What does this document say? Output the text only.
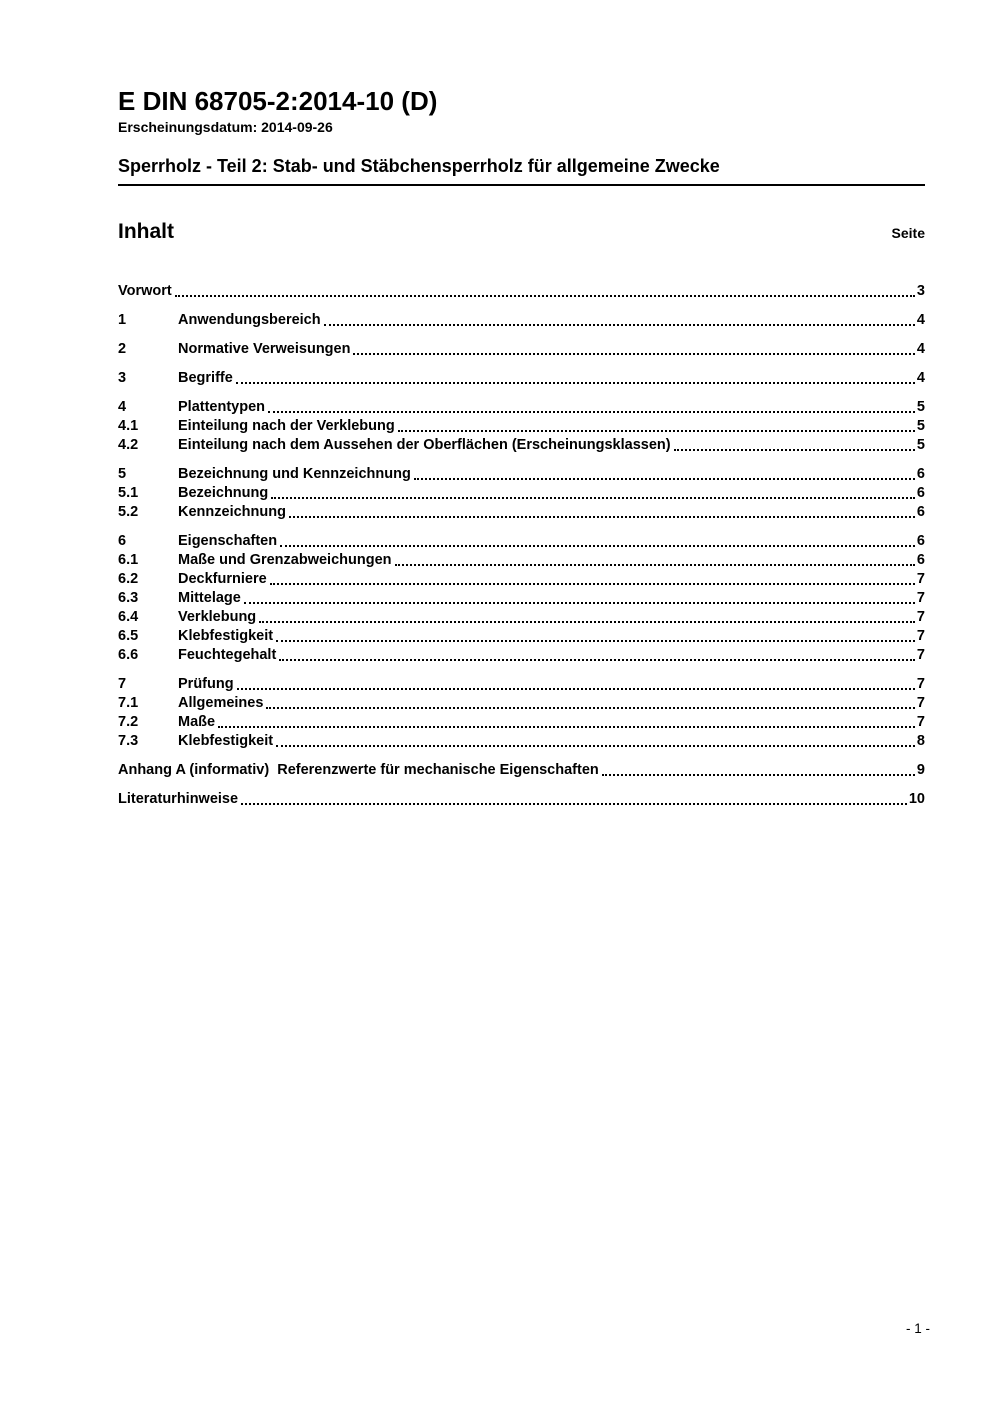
E DIN 68705-2:2014-10 (D)
Erscheinungsdatum: 2014-09-26
Sperrholz - Teil 2: Stab- und Stäbchensperrholz für allgemeine Zwecke
Inhalt	Seite
Vorwort	3
1	Anwendungsbereich	4
2	Normative Verweisungen	4
3	Begriffe	4
4	Plattentypen	5
4.1	Einteilung nach der Verklebung	5
4.2	Einteilung nach dem Aussehen der Oberflächen (Erscheinungsklassen)	5
5	Bezeichnung und Kennzeichnung	6
5.1	Bezeichnung	6
5.2	Kennzeichnung	6
6	Eigenschaften	6
6.1	Maße und Grenzabweichungen	6
6.2	Deckfurniere	7
6.3	Mittelage	7
6.4	Verklebung	7
6.5	Klebfestigkeit	7
6.6	Feuchtegehalt	7
7	Prüfung	7
7.1	Allgemeines	7
7.2	Maße	7
7.3	Klebfestigkeit	8
Anhang A (informativ)  Referenzwerte für mechanische Eigenschaften	9
Literaturhinweise	10
- 1 -
